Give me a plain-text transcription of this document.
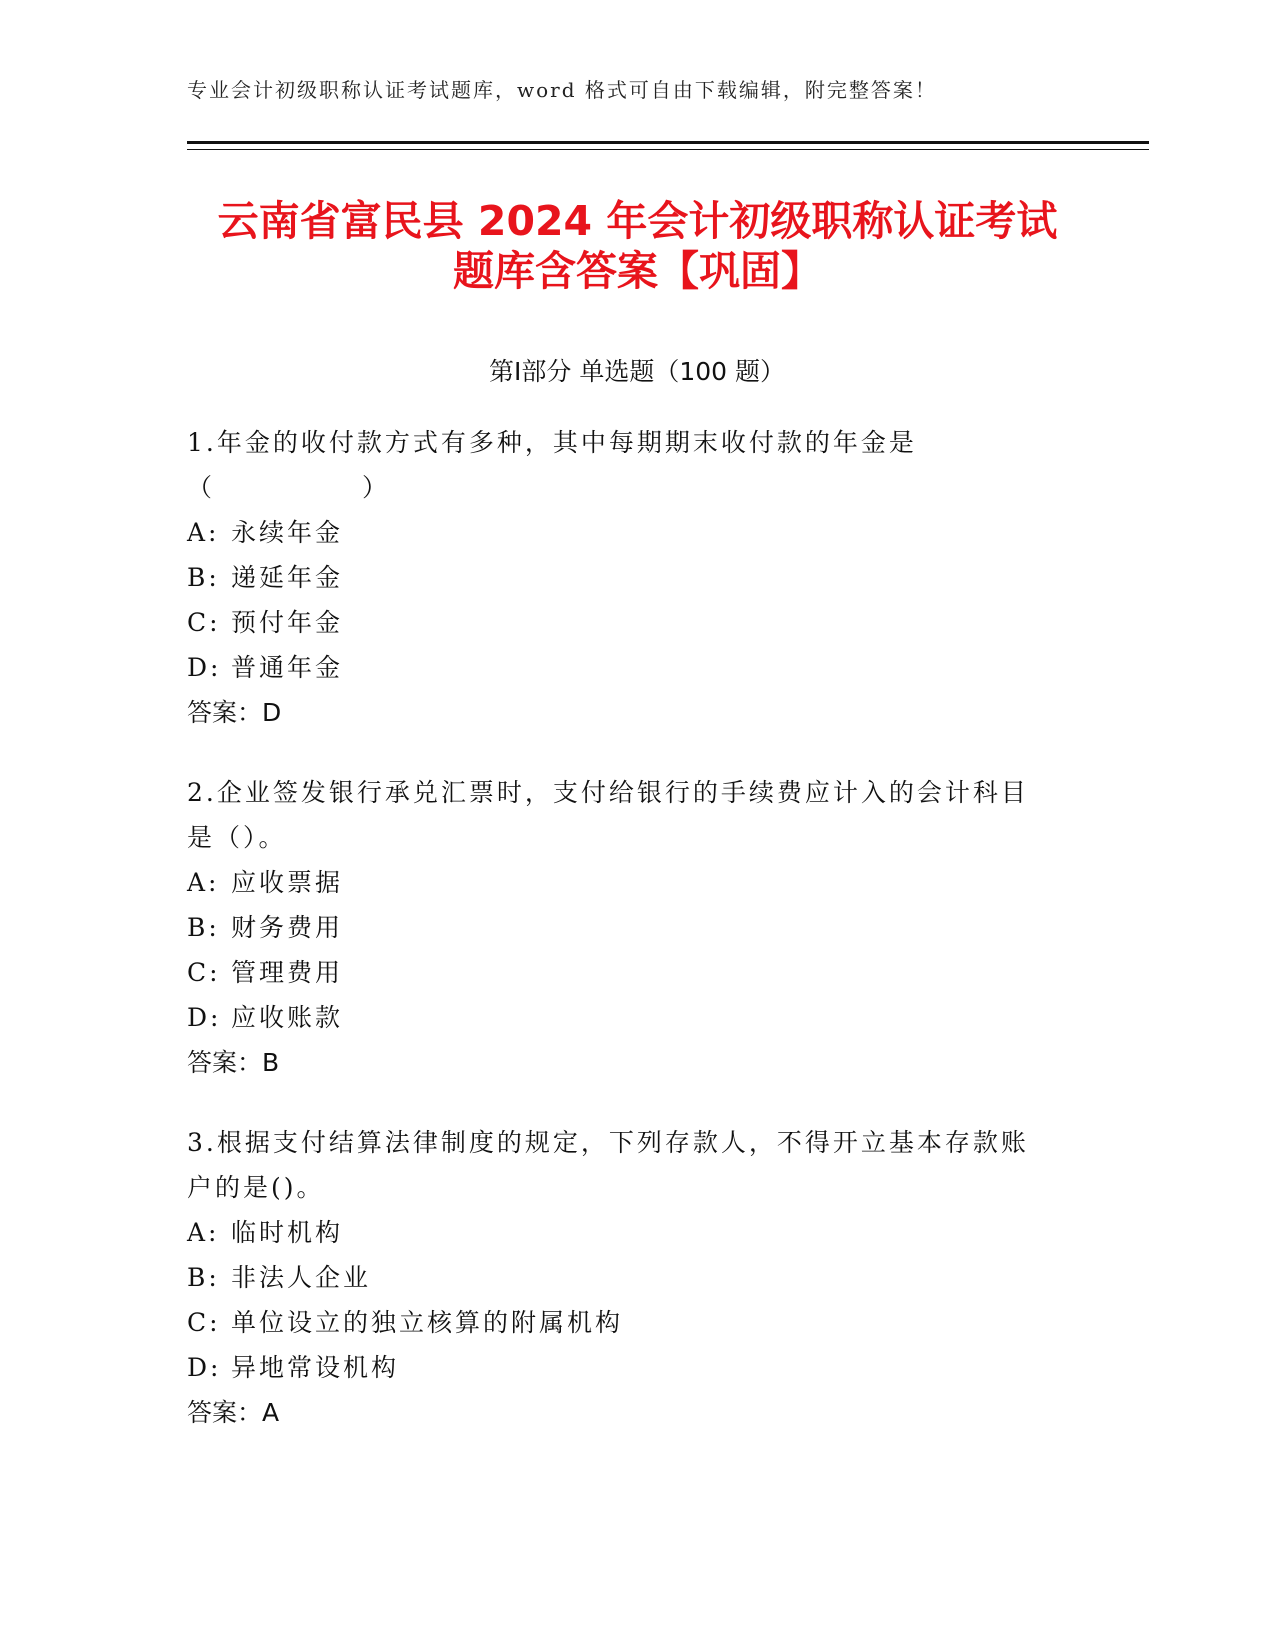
专业会计初级职称认证考试题库，word 格式可自由下载编辑，附完整答案！
云南省富民县 2024 年会计初级职称认证考试
题库含答案【巩固】
第Ⅰ部分 单选题（100 题）
1.年金的收付款方式有多种，其中每期期末收付款的年金是
（　　　　　　）
A: 永续年金
B: 递延年金
C: 预付年金
D: 普通年金
答案：D
2.企业签发银行承兑汇票时，支付给银行的手续费应计入的会计科目
是（）。
A: 应收票据
B: 财务费用
C: 管理费用
D: 应收账款
答案：B
3.根据支付结算法律制度的规定，下列存款人，不得开立基本存款账
户的是()。
A: 临时机构
B: 非法人企业
C: 单位设立的独立核算的附属机构
D: 异地常设机构
答案：A
